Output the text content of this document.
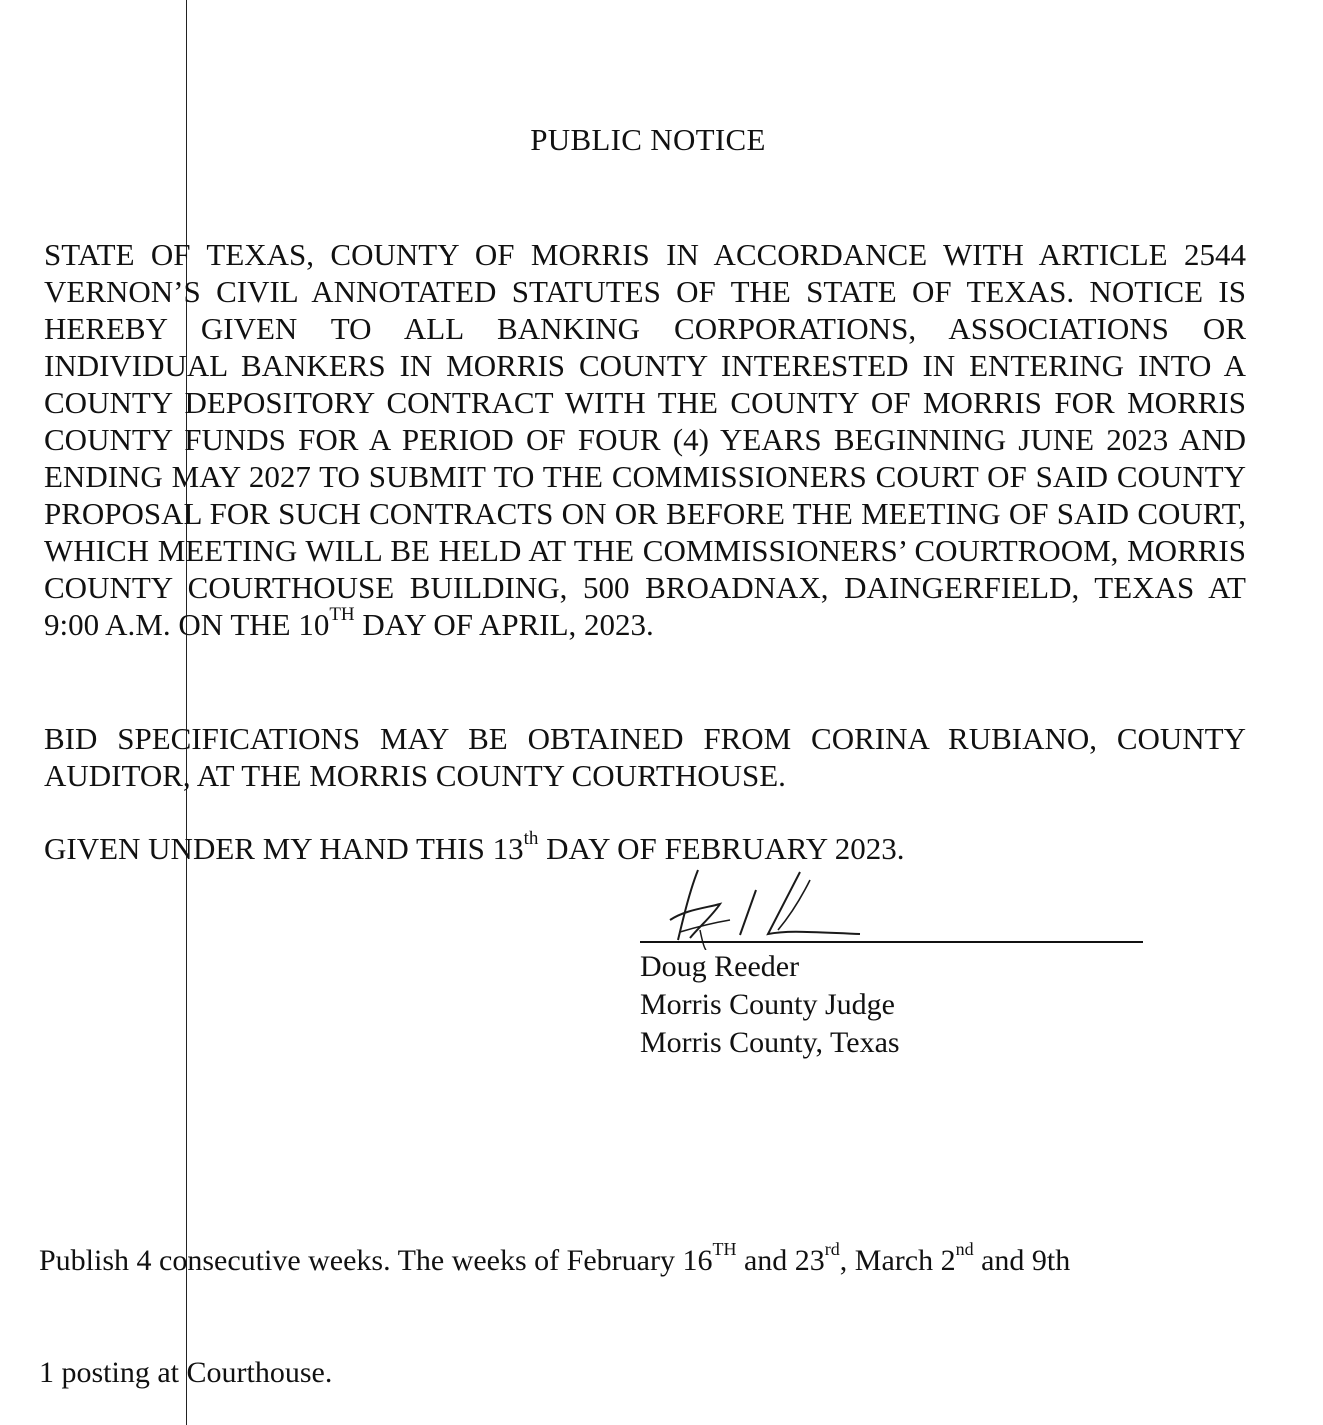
PUBLIC NOTICE

STATE OF TEXAS, COUNTY OF MORRIS IN ACCORDANCE WITH ARTICLE 2544 VERNON’S CIVIL ANNOTATED STATUTES OF THE STATE OF TEXAS. NOTICE IS HEREBY GIVEN TO ALL BANKING CORPORATIONS, ASSOCIATIONS OR INDIVIDUAL BANKERS IN MORRIS COUNTY INTERESTED IN ENTERING INTO A COUNTY DEPOSITORY CONTRACT WITH THE COUNTY OF MORRIS FOR MORRIS COUNTY FUNDS FOR A PERIOD OF FOUR (4) YEARS BEGINNING JUNE 2023 AND ENDING MAY 2027 TO SUBMIT TO THE COMMISSIONERS COURT OF SAID COUNTY PROPOSAL FOR SUCH CONTRACTS ON OR BEFORE THE MEETING OF SAID COURT, WHICH MEETING WILL BE HELD AT THE COMMISSIONERS’ COURTROOM, MORRIS COUNTY COURTHOUSE BUILDING, 500 BROADNAX, DAINGERFIELD, TEXAS AT 9:00 A.M. ON THE 10TH DAY OF APRIL, 2023.

BID SPECIFICATIONS MAY BE OBTAINED FROM CORINA RUBIANO, COUNTY AUDITOR, AT THE MORRIS COUNTY COURTHOUSE.

GIVEN UNDER MY HAND THIS 13th DAY OF FEBRUARY 2023.

Doug Reeder
Morris County Judge
Morris County, Texas
Publish 4 consecutive weeks. The weeks of February 16TH and 23rd, March 2nd and 9th
1 posting at Courthouse.
